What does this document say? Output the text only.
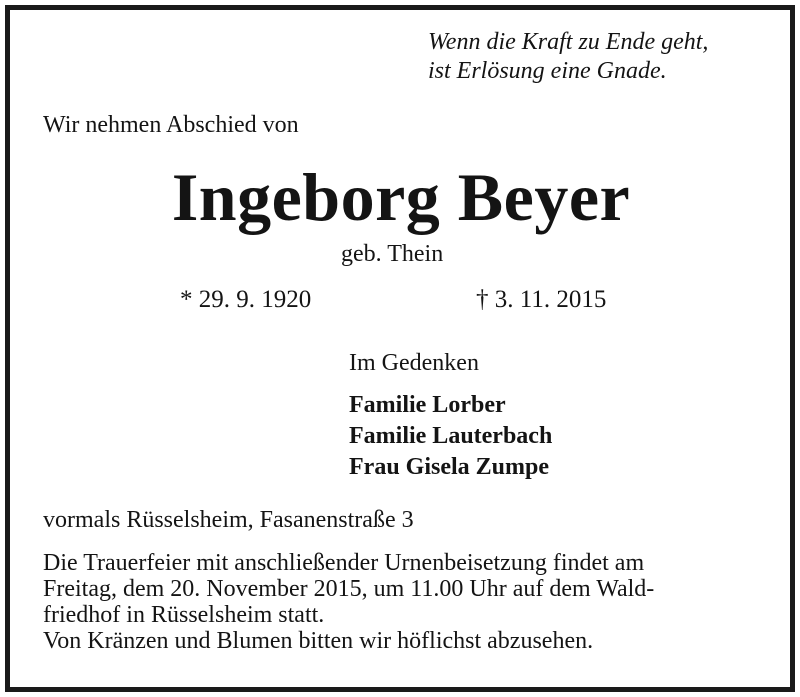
Wenn die Kraft zu Ende geht,
ist Erlösung eine Gnade.

Wir nehmen Abschied von

Ingeborg Beyer

geb. Thein

* 29. 9. 1920	† 3. 11. 2015

Im Gedenken

Familie Lorber
Familie Lauterbach
Frau Gisela Zumpe

vormals Rüsselsheim, Fasanenstraße 3

Die Trauerfeier mit anschließender Urnenbeisetzung findet am
Freitag, dem 20. November 2015, um 11.00 Uhr auf dem Wald-
friedhof in Rüsselsheim statt.
Von Kränzen und Blumen bitten wir höflichst abzusehen.
